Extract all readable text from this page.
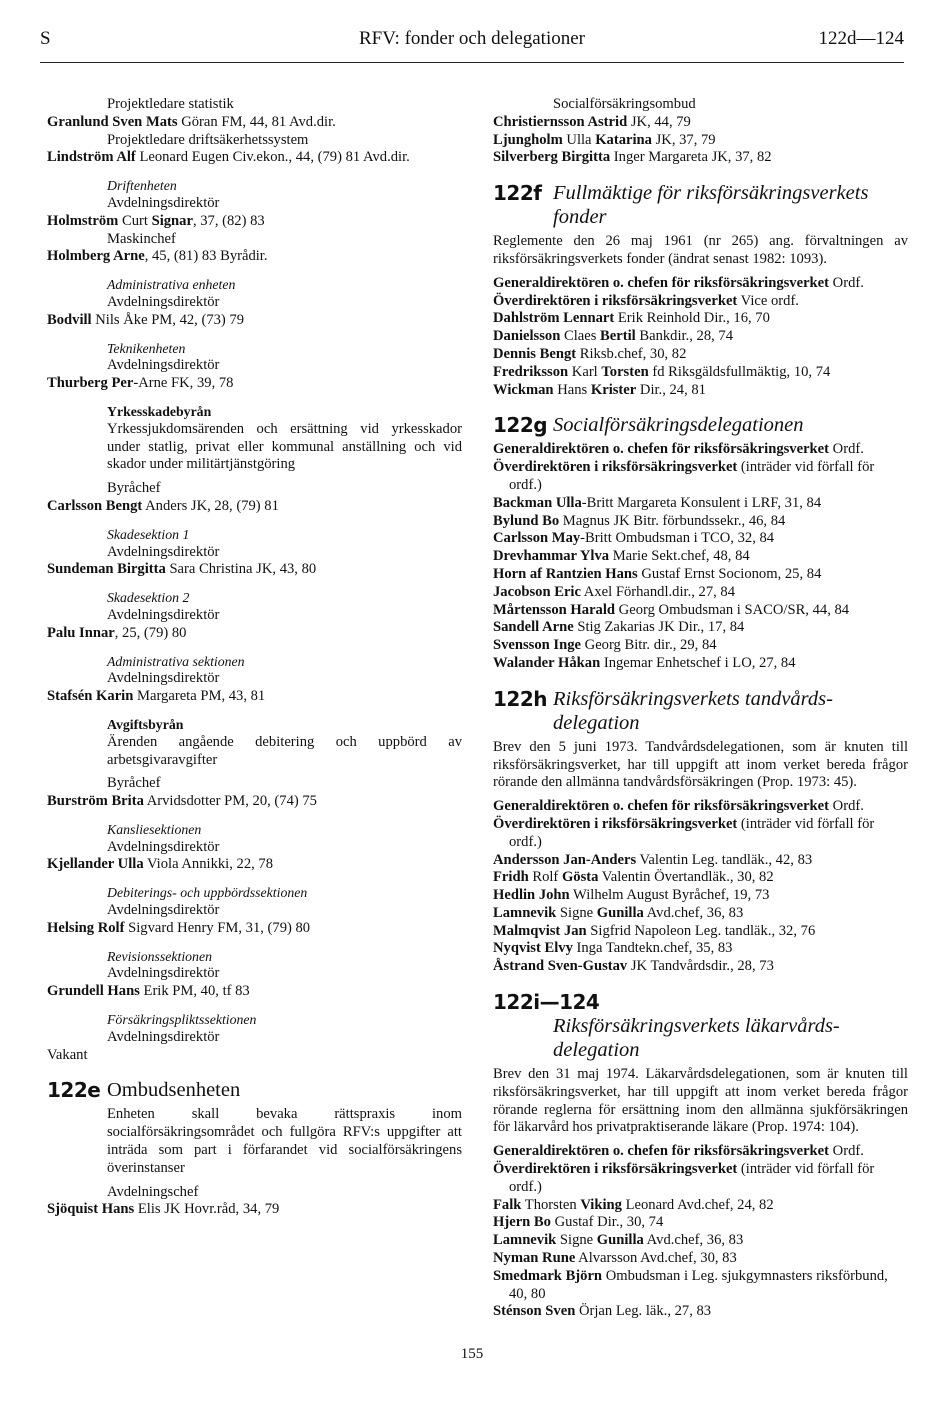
S	RFV: fonder och delegationer	122d—124
Projektledare statistik
Granlund Sven Mats Göran FM, 44, 81 Avd.dir.
Projektledare driftsäkerhetssystem
Lindström Alf Leonard Eugen Civ.ekon., 44, (79) 81 Avd.dir.
Driftenheten
Avdelningsdirektör
Holmström Curt Signar, 37, (82) 83
Maskinchef
Holmberg Arne, 45, (81) 83 Byrådir.
Administrativa enheten
Avdelningsdirektör
Bodvill Nils Åke PM, 42, (73) 79
Teknikenheten
Avdelningsdirektör
Thurberg Per-Arne FK, 39, 78
Yrkesskadebyrån
Yrkessjukdomsärenden och ersättning vid yrkesskador under statlig, privat eller kommunal anställning och vid skador under militärtjänstgöring
Byråchef
Carlsson Bengt Anders JK, 28, (79) 81
Skadesektion 1
Avdelningsdirektör
Sundeman Birgitta Sara Christina JK, 43, 80
Skadesektion 2
Avdelningsdirektör
Palu Innar, 25, (79) 80
Administrativa sektionen
Avdelningsdirektör
Stafsén Karin Margareta PM, 43, 81
Avgiftsbyrån
Ärenden angående debitering och uppbörd av arbetsgivaravgifter
Byråchef
Burström Brita Arvidsdotter PM, 20, (74) 75
Kansliesektionen
Avdelningsdirektör
Kjellander Ulla Viola Annikki, 22, 78
Debiterings- och uppbördssektionen
Avdelningsdirektör
Helsing Rolf Sigvard Henry FM, 31, (79) 80
Revisionssektionen
Avdelningsdirektör
Grundell Hans Erik PM, 40, tf 83
Försäkringspliktssektionen
Avdelningsdirektör
Vakant
122e Ombudsenheten
Enheten skall bevaka rättspraxis inom socialförsäkringsområdet och fullgöra RFV:s uppgifter att inträda som part i förfarandet vid socialförsäkringens överinstanser
Avdelningschef
Sjöquist Hans Elis JK Hovr.råd, 34, 79
Socialförsäkringsombud
Christiernsson Astrid JK, 44, 79
Ljungholm Ulla Katarina JK, 37, 79
Silverberg Birgitta Inger Margareta JK, 37, 82
122f Fullmäktige för riksförsäkringsverkets
fonder
Reglemente den 26 maj 1961 (nr 265) ang. förvaltningen av riksförsäkringsverkets fonder (ändrat senast 1982: 1093).
Generaldirektören o. chefen för riksförsäkringsverket Ordf.
Överdirektören i riksförsäkringsverket Vice ordf.
Dahlström Lennart Erik Reinhold Dir., 16, 70
Danielsson Claes Bertil Bankdir., 28, 74
Dennis Bengt Riksb.chef, 30, 82
Fredriksson Karl Torsten fd Riksgäldsfullmäktig, 10, 74
Wickman Hans Krister Dir., 24, 81
122g Socialförsäkringsdelegationen
Generaldirektören o. chefen för riksförsäkringsverket Ordf.
Överdirektören i riksförsäkringsverket (inträder vid förfall för ordf.)
Backman Ulla-Britt Margareta Konsulent i LRF, 31, 84
Bylund Bo Magnus JK Bitr. förbundssekr., 46, 84
Carlsson May-Britt Ombudsman i TCO, 32, 84
Drevhammar Ylva Marie Sekt.chef, 48, 84
Horn af Rantzien Hans Gustaf Ernst Socionom, 25, 84
Jacobson Eric Axel Förhandl.dir., 27, 84
Mårtensson Harald Georg Ombudsman i SACO/SR, 44, 84
Sandell Arne Stig Zakarias JK Dir., 17, 84
Svensson Inge Georg Bitr. dir., 29, 84
Walander Håkan Ingemar Enhetschef i LO, 27, 84
122h Riksförsäkringsverkets tandvårds-
delegation
Brev den 5 juni 1973. Tandvårdsdelegationen, som är knuten till riksförsäkringsverket, har till uppgift att inom verket bereda frågor rörande den allmänna tandvårdsförsäkringen (Prop. 1973: 45).
Generaldirektören o. chefen för riksförsäkringsverket Ordf.
Överdirektören i riksförsäkringsverket (inträder vid förfall för ordf.)
Andersson Jan-Anders Valentin Leg. tandläk., 42, 83
Fridh Rolf Gösta Valentin Övertandläk., 30, 82
Hedlin John Wilhelm August Byråchef, 19, 73
Lamnevik Signe Gunilla Avd.chef, 36, 83
Malmqvist Jan Sigfrid Napoleon Leg. tandläk., 32, 76
Nyqvist Elvy Inga Tandtekn.chef, 35, 83
Åstrand Sven-Gustav JK Tandvårdsdir., 28, 73
122i—124
Riksförsäkringsverkets läkarvårds-
delegation
Brev den 31 maj 1974. Läkarvårdsdelegationen, som är knuten till riksförsäkringsverket, har till uppgift att inom verket bereda frågor rörande reglerna för ersättning inom den allmänna sjukförsäkringen för läkarvård hos privatpraktiserande läkare (Prop. 1974: 104).
Generaldirektören o. chefen för riksförsäkringsverket Ordf.
Överdirektören i riksförsäkringsverket (inträder vid förfall för ordf.)
Falk Thorsten Viking Leonard Avd.chef, 24, 82
Hjern Bo Gustaf Dir., 30, 74
Lamnevik Signe Gunilla Avd.chef, 36, 83
Nyman Rune Alvarsson Avd.chef, 30, 83
Smedmark Björn Ombudsman i Leg. sjukgymnasters riksförbund, 40, 80
Sténson Sven Örjan Leg. läk., 27, 83
155
